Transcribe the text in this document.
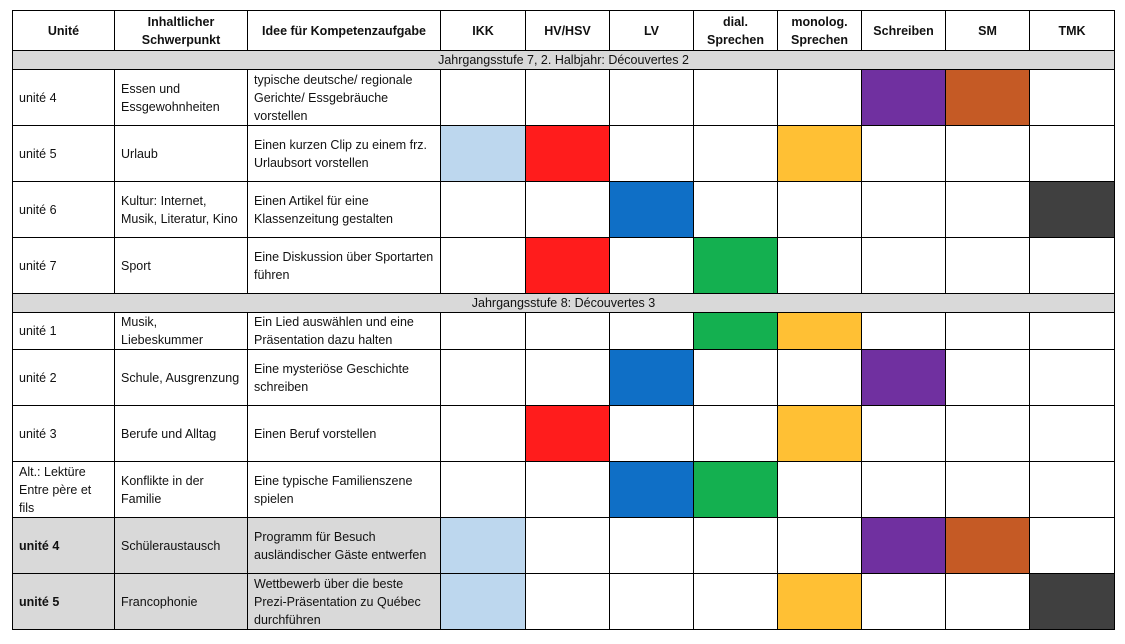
Unité	Inhaltlicher Schwerpunkt	Idee für Kompetenzaufgabe	IKK	HV/HSV	LV	dial. Sprechen	monolog. Sprechen	Schreiben	SM	TMK
Jahrgangsstufe 7, 2. Halbjahr: Découvertes 2										
unité 4	Essen und Essgewohnheiten	typische deutsche/ regionale Gerichte/ Essgebräuche vorstellen								
unité 5	Urlaub	Einen kurzen Clip zu einem frz. Urlaubsort vorstellen								
unité 6	Kultur: Internet, Musik, Literatur, Kino	Einen Artikel für eine Klassenzeitung gestalten								
unité 7	Sport	Eine Diskussion über Sportarten führen								
Jahrgangsstufe 8: Découvertes 3										
unité 1	Musik, Liebeskummer	Ein Lied auswählen und eine Präsentation dazu halten								
unité 2	Schule, Ausgrenzung	Eine mysteriöse Geschichte schreiben								
unité 3	Berufe und Alltag	Einen Beruf vorstellen								
Alt.: Lektüre Entre père et fils	Konflikte in der Familie	Eine typische Familienszene spielen								
unité 4	Schüleraustausch	Programm für Besuch ausländischer Gäste entwerfen								
unité 5	Francophonie	Wettbewerb über die beste Prezi-Präsentation zu Québec durchführen								
